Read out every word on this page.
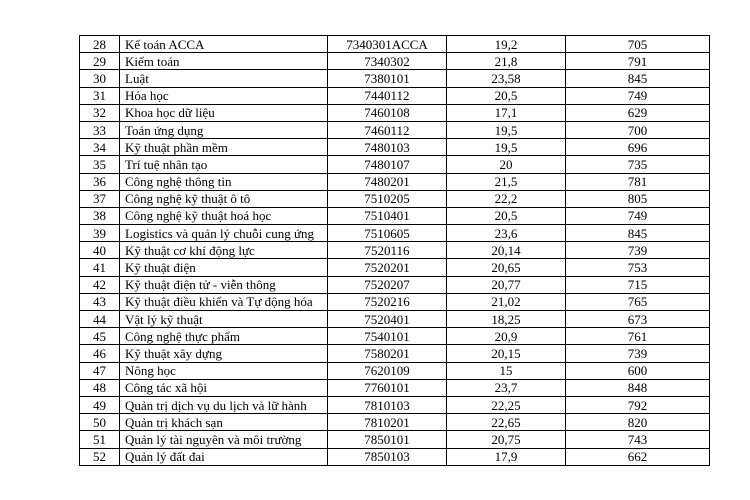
28	Kế toán ACCA	7340301ACCA	19,2	705
29	Kiểm toán	7340302	21,8	791
30	Luật	7380101	23,58	845
31	Hóa học	7440112	20,5	749
32	Khoa học dữ liệu	7460108	17,1	629
33	Toán ứng dụng	7460112	19,5	700
34	Kỹ thuật phần mềm	7480103	19,5	696
35	Trí tuệ nhân tạo	7480107	20	735
36	Công nghệ thông tin	7480201	21,5	781
37	Công nghệ kỹ thuật ô tô	7510205	22,2	805
38	Công nghệ kỹ thuật hoá học	7510401	20,5	749
39	Logistics và quản lý chuỗi cung ứng	7510605	23,6	845
40	Kỹ thuật cơ khí động lực	7520116	20,14	739
41	Kỹ thuật điện	7520201	20,65	753
42	Kỹ thuật điện tử - viễn thông	7520207	20,77	715
43	Kỹ thuật điều khiển và Tự động hóa	7520216	21,02	765
44	Vật lý kỹ thuật	7520401	18,25	673
45	Công nghệ thực phẩm	7540101	20,9	761
46	Kỹ thuật xây dựng	7580201	20,15	739
47	Nông học	7620109	15	600
48	Công tác xã hội	7760101	23,7	848
49	Quản trị dịch vụ du lịch và lữ hành	7810103	22,25	792
50	Quản trị khách sạn	7810201	22,65	820
51	Quản lý tài nguyên và môi trường	7850101	20,75	743
52	Quản lý đất đai	7850103	17,9	662
